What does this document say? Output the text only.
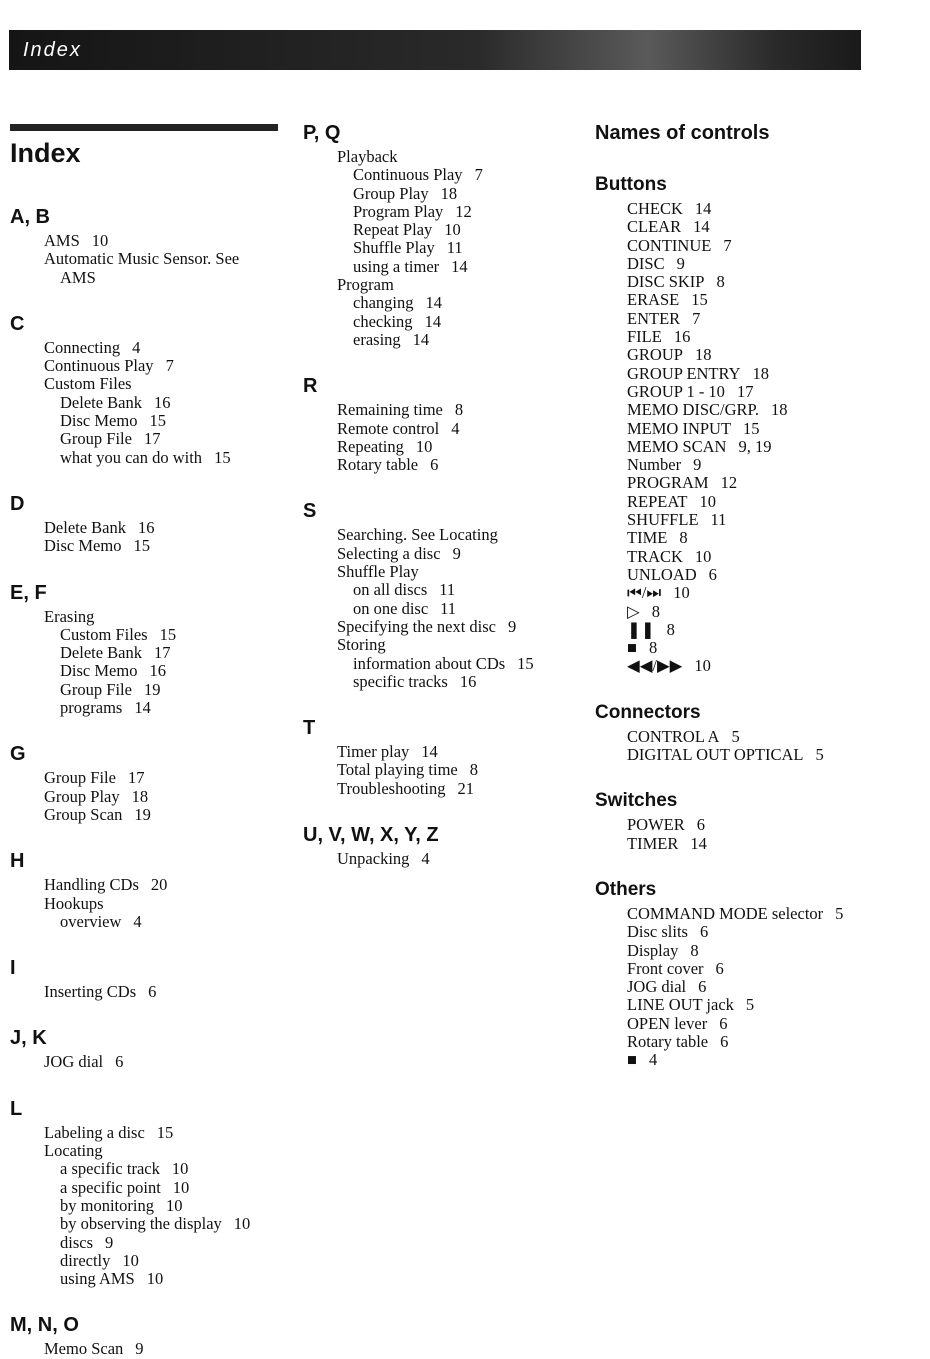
Index
Index
A, B
AMS 10
Automatic Music Sensor. See
AMS
C
Connecting 4
Continuous Play 7
Custom Files
Delete Bank 16
Disc Memo 15
Group File 17
what you can do with 15
D
Delete Bank 16
Disc Memo 15
E, F
Erasing
Custom Files 15
Delete Bank 17
Disc Memo 16
Group File 19
programs 14
G
Group File 17
Group Play 18
Group Scan 19
H
Handling CDs 20
Hookups
overview 4
I
Inserting CDs 6
J, K
JOG dial 6
L
Labeling a disc 15
Locating
a specific track 10
a specific point 10
by monitoring 10
by observing the display 10
discs 9
directly 10
using AMS 10
M, N, O
Memo Scan 9
P, Q
Playback
Continuous Play 7
Group Play 18
Program Play 12
Repeat Play 10
Shuffle Play 11
using a timer 14
Program
changing 14
checking 14
erasing 14
R
Remaining time 8
Remote control 4
Repeating 10
Rotary table 6
S
Searching. See Locating
Selecting a disc 9
Shuffle Play
on all discs 11
on one disc 11
Specifying the next disc 9
Storing
information about CDs 15
specific tracks 16
T
Timer play 14
Total playing time 8
Troubleshooting 21
U, V, W, X, Y, Z
Unpacking 4
Names of controls
Buttons
CHECK 14
CLEAR 14
CONTINUE 7
DISC 9
DISC SKIP 8
ERASE 15
ENTER 7
FILE 16
GROUP 18
GROUP ENTRY 18
GROUP 1 - 10 17
MEMO DISC/GRP. 18
MEMO INPUT 15
MEMO SCAN 9, 19
Number 9
PROGRAM 12
REPEAT 10
SHUFFLE 11
TIME 8
TRACK 10
UNLOAD 6
⏮/⏭ 10
▷ 8
❚❚ 8
■ 8
◀◀/▶▶ 10
Connectors
CONTROL A 5
DIGITAL OUT OPTICAL 5
Switches
POWER 6
TIMER 14
Others
COMMAND MODE selector 5
Disc slits 6
Display 8
Front cover 6
JOG dial 6
LINE OUT jack 5
OPEN lever 6
Rotary table 6
■ 4
